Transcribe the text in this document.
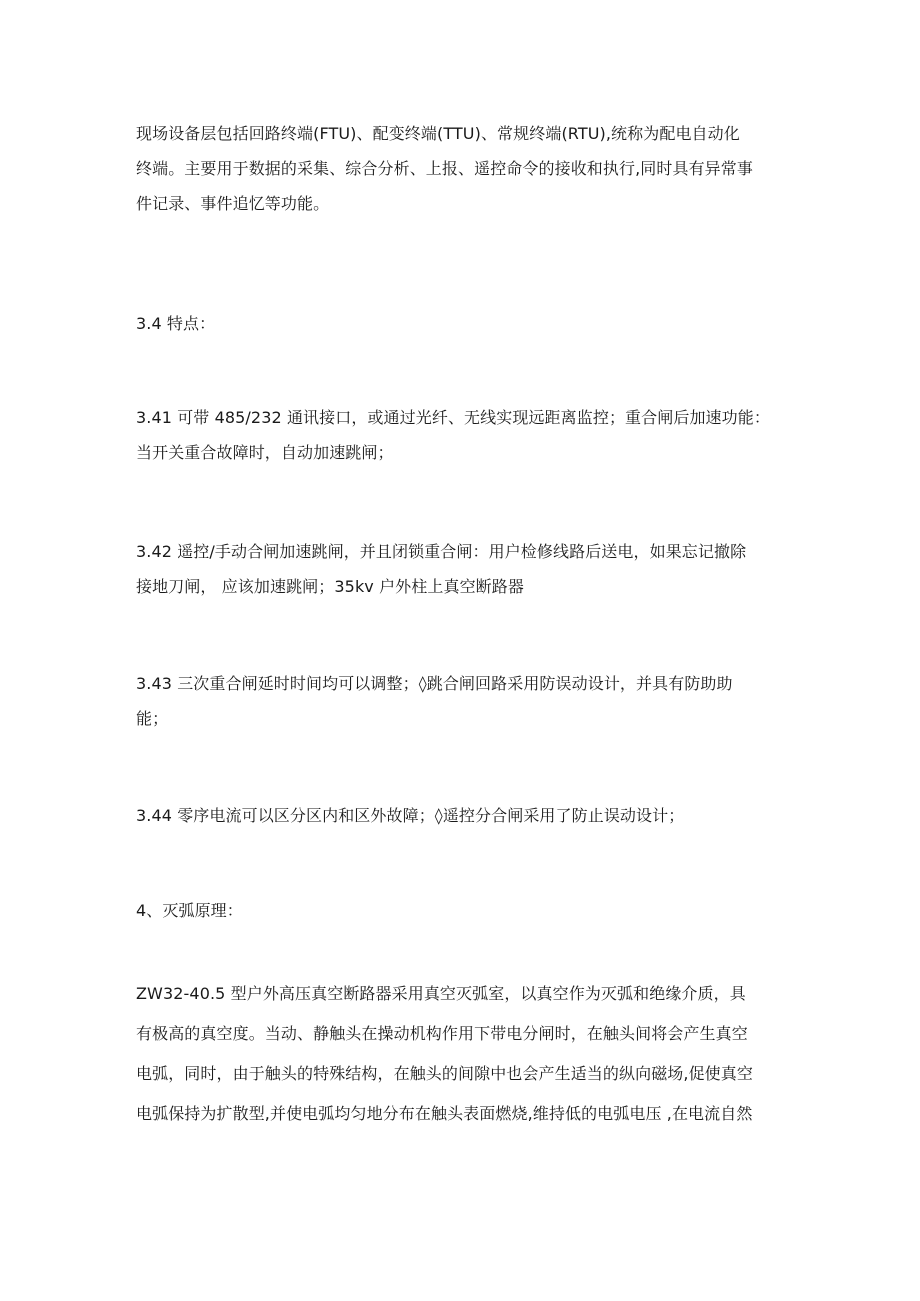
现场设备层包括回路终端(FTU)、配变终端(TTU)、常规终端(RTU),统称为配电自动化
终端。主要用于数据的采集、综合分析、上报、遥控命令的接收和执行,同时具有异常事
件记录、事件追忆等功能。
3.4 特点：
3.41 可带 485/232 通讯接口，或通过光纤、无线实现远距离监控；重合闸后加速功能：
当开关重合故障时，自动加速跳闸；
3.42 遥控/手动合闸加速跳闸，并且闭锁重合闸：用户检修线路后送电，如果忘记撤除
接地刀闸， 应该加速跳闸；35kv 户外柱上真空断路器
3.43 三次重合闸延时时间均可以调整；◊跳合闸回路采用防误动设计，并具有防助助
能；
3.44 零序电流可以区分区内和区外故障；◊遥控分合闸采用了防止误动设计；
4、灭弧原理：
ZW32-40.5 型户外高压真空断路器采用真空灭弧室，以真空作为灭弧和绝缘介质，具
有极高的真空度。当动、静触头在操动机构作用下带电分闸时，在触头间将会产生真空
电弧，同时，由于触头的特殊结构，在触头的间隙中也会产生适当的纵向磁场,促使真空
电弧保持为扩散型,并使电弧均匀地分布在触头表面燃烧,维持低的电弧电压 ,在电流自然
